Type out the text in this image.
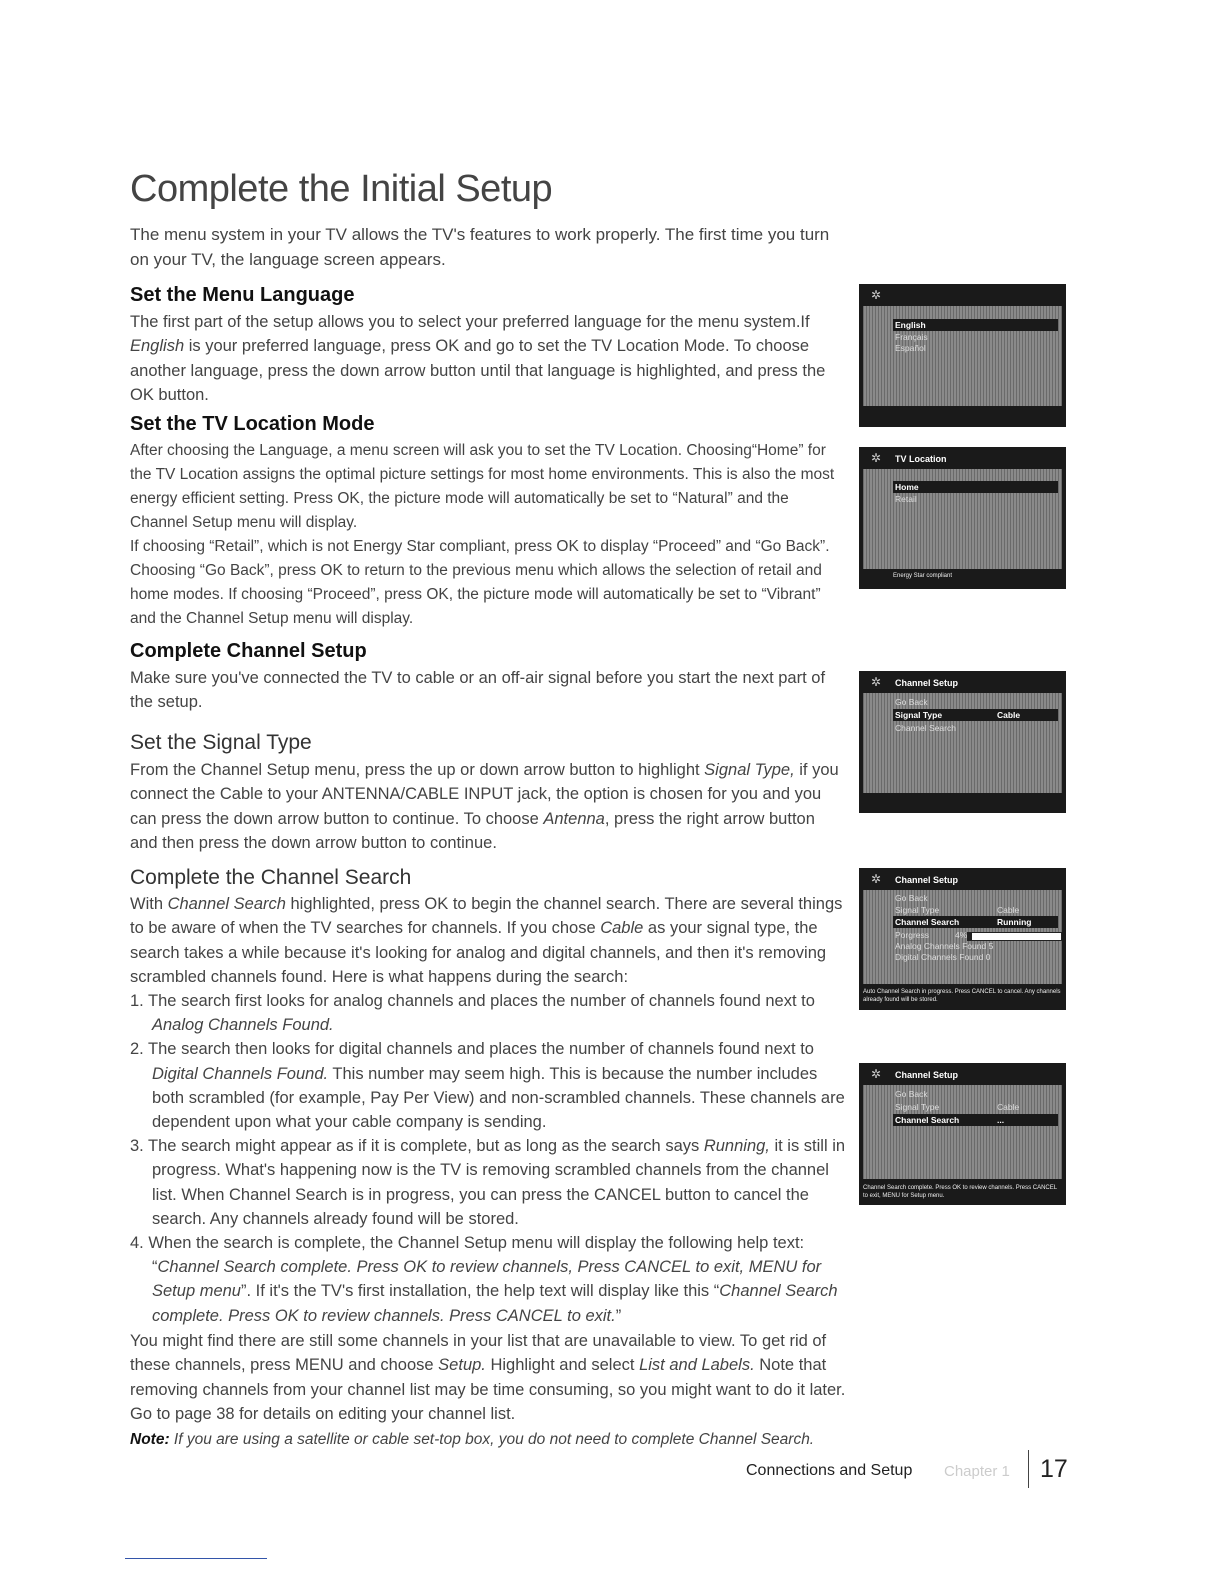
Complete the Initial Setup

The menu system in your TV allows the TV's features to work properly. The first time you turn on your TV, the language screen appears.

Set the Menu Language

The first part of the setup allows you to select your preferred language for the menu system.If English is your preferred language, press OK and go to set the TV Location Mode. To choose another language, press the down arrow button until that language is highlighted, and press the OK button.

Set the TV Location Mode

After choosing the Language, a menu screen will ask you to set the TV Location. Choosing“Home” for the TV Location assigns the optimal picture settings for most home environments. This is also the most energy efficient setting. Press OK, the picture mode will automatically be set to “Natural” and the Channel Setup menu will display.

If choosing “Retail”, which is not Energy Star compliant, press OK to display “Proceed” and “Go Back”. Choosing “Go Back”, press OK to return to the previous menu which allows the selection of retail and home modes. If choosing “Proceed”, press OK, the picture mode will automatically be set to “Vibrant” and the Channel Setup menu will display.

Complete Channel Setup

Make sure you've connected the TV to cable or an off-air signal before you start the next part of the setup.

Set the Signal Type

From the Channel Setup menu, press the up or down arrow button to highlight Signal Type, if you connect the Cable to your ANTENNA/CABLE INPUT jack, the option is chosen for you and you can press the down arrow button to continue. To choose Antenna, press the right arrow button and then press the down arrow button to continue.

Complete the Channel Search

With Channel Search highlighted, press OK to begin the channel search. There are several things to be aware of when the TV searches for channels. If you chose Cable as your signal type, the search takes a while because it's looking for analog and digital channels, and then it's removing scrambled channels found. Here is what happens during the search:

1. The search first looks for analog channels and places the number of channels found next to Analog Channels Found.
2. The search then looks for digital channels and places the number of channels found next to Digital Channels Found. This number may seem high. This is because the number includes both scrambled (for example, Pay Per View) and non-scrambled channels. These channels are dependent upon what your cable company is sending.
3. The search might appear as if it is complete, but as long as the search says Running, it is still in progress. What's happening now is the TV is removing scrambled channels from the channel list. When Channel Search is in progress, you can press the CANCEL button to cancel the search. Any channels already found will be stored.
4. When the search is complete, the Channel Setup menu will display the following help text: “Channel Search complete. Press OK to review channels, Press CANCEL to exit, MENU for Setup menu”. If it's the TV's first installation, the help text will display like this “Channel Search complete. Press OK to review channels. Press CANCEL to exit.”

You might find there are still some channels in your list that are unavailable to view. To get rid of these channels, press MENU and choose Setup. Highlight and select List and Labels. Note that removing channels from your channel list may be time consuming, so you might want to do it later. Go to page 38 for details on editing your channel list.

Note: If you are using a satellite or cable set-top box, you do not need to complete Channel Search.

✲
English
Français
Español
✲	TV Location
Home
Retail
Energy Star compliant
✲	Channel Setup
Go Back
Signal Type	Cable
Channel Search
✲	Channel Setup
Go Back
Signal Type	Cable
Channel Search	Running
Porgress	4%
Analog Channels Found 5
Digital Channels Found 0
Auto Channel Search in progress. Press CANCEL to cancel. Any channels already found will be stored.
✲	Channel Setup
Go Back
Signal Type	Cable
Channel Search	...
Channel Search complete. Press OK to review channels. Press CANCEL to exit, MENU for Setup menu.
Connections and Setup Chapter 1 17
